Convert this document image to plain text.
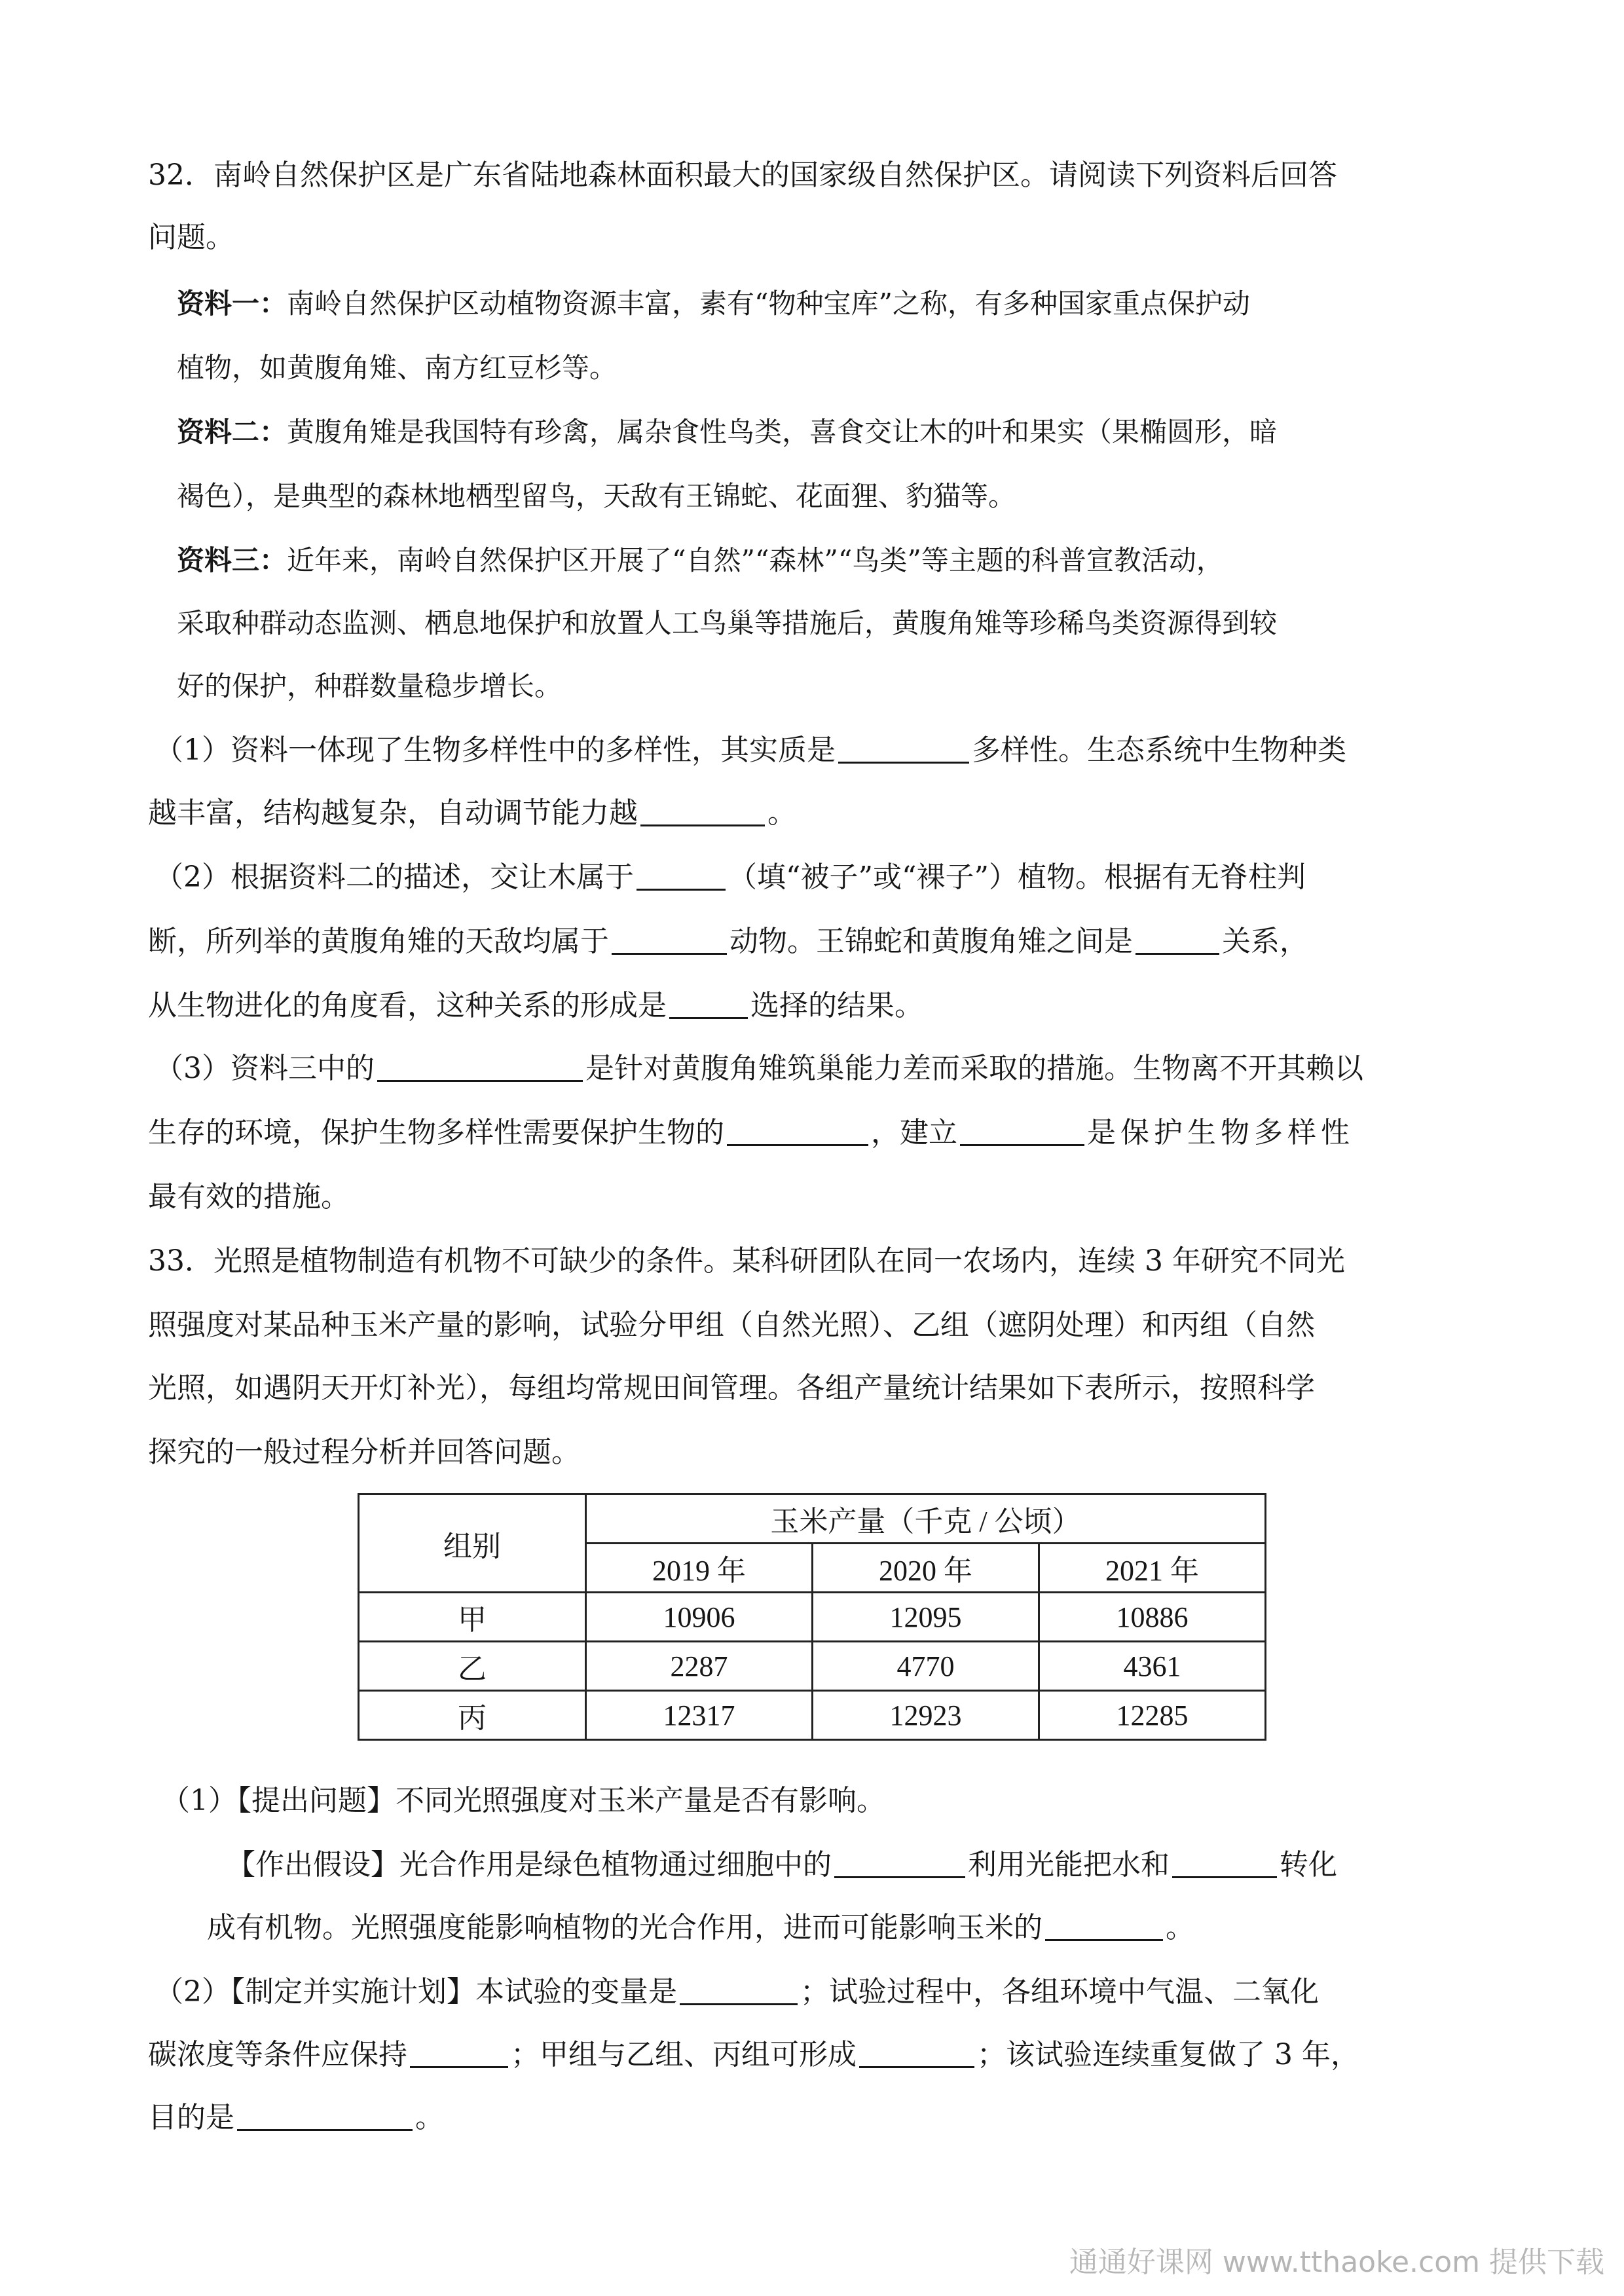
32．南岭自然保护区是广东省陆地森林面积最大的国家级自然保护区。请阅读下列资料后回答
问题。
资料一：南岭自然保护区动植物资源丰富，素有“物种宝库”之称，有多种国家重点保护动
植物，如黄腹角雉、南方红豆杉等。
资料二：黄腹角雉是我国特有珍禽，属杂食性鸟类，喜食交让木的叶和果实（果椭圆形，暗
褐色），是典型的森林地栖型留鸟，天敌有王锦蛇、花面狸、豹猫等。
资料三：近年来，南岭自然保护区开展了“自然”“森林”“鸟类”等主题的科普宣教活动，
采取种群动态监测、栖息地保护和放置人工鸟巢等措施后，黄腹角雉等珍稀鸟类资源得到较
好的保护，种群数量稳步增长。
（1）资料一体现了生物多样性中的多样性，其实质是	多样性。生态系统中生物种类
越丰富，结构越复杂，自动调节能力越	。
（2）根据资料二的描述，交让木属于	（填“被子”或“裸子”）植物。根据有无脊柱判
断，所列举的黄腹角雉的天敌均属于	动物。王锦蛇和黄腹角雉之间是	关系，
从生物进化的角度看，这种关系的形成是	选择的结果。
（3）资料三中的	是针对黄腹角雉筑巢能力差而采取的措施。生物离不开其赖以
生存的环境，保护生物多样性需要保护生物的	，建立	是保护生物多样性
最有效的措施。
33．光照是植物制造有机物不可缺少的条件。某科研团队在同一农场内，连续 3 年研究不同光
照强度对某品种玉米产量的影响，试验分甲组（自然光照）、乙组（遮阴处理）和丙组（自然
光照，如遇阴天开灯补光），每组均常规田间管理。各组产量统计结果如下表所示，按照科学
探究的一般过程分析并回答问题。
组别	玉米产量（千克 / 公顷）		
	2019 年	2020 年	2021 年
甲	10906	12095	10886
乙	2287	4770	4361
丙	12317	12923	12285
（1）【提出问题】不同光照强度对玉米产量是否有影响。
【作出假设】光合作用是绿色植物通过细胞中的	利用光能把水和	转化
成有机物。光照强度能影响植物的光合作用，进而可能影响玉米的	。
（2）【制定并实施计划】本试验的变量是	；试验过程中，各组环境中气温、二氧化
碳浓度等条件应保持	；甲组与乙组、丙组可形成	；该试验连续重复做了 3 年，
目的是	。
通通好课网 www.tthaoke.com 提供下载
